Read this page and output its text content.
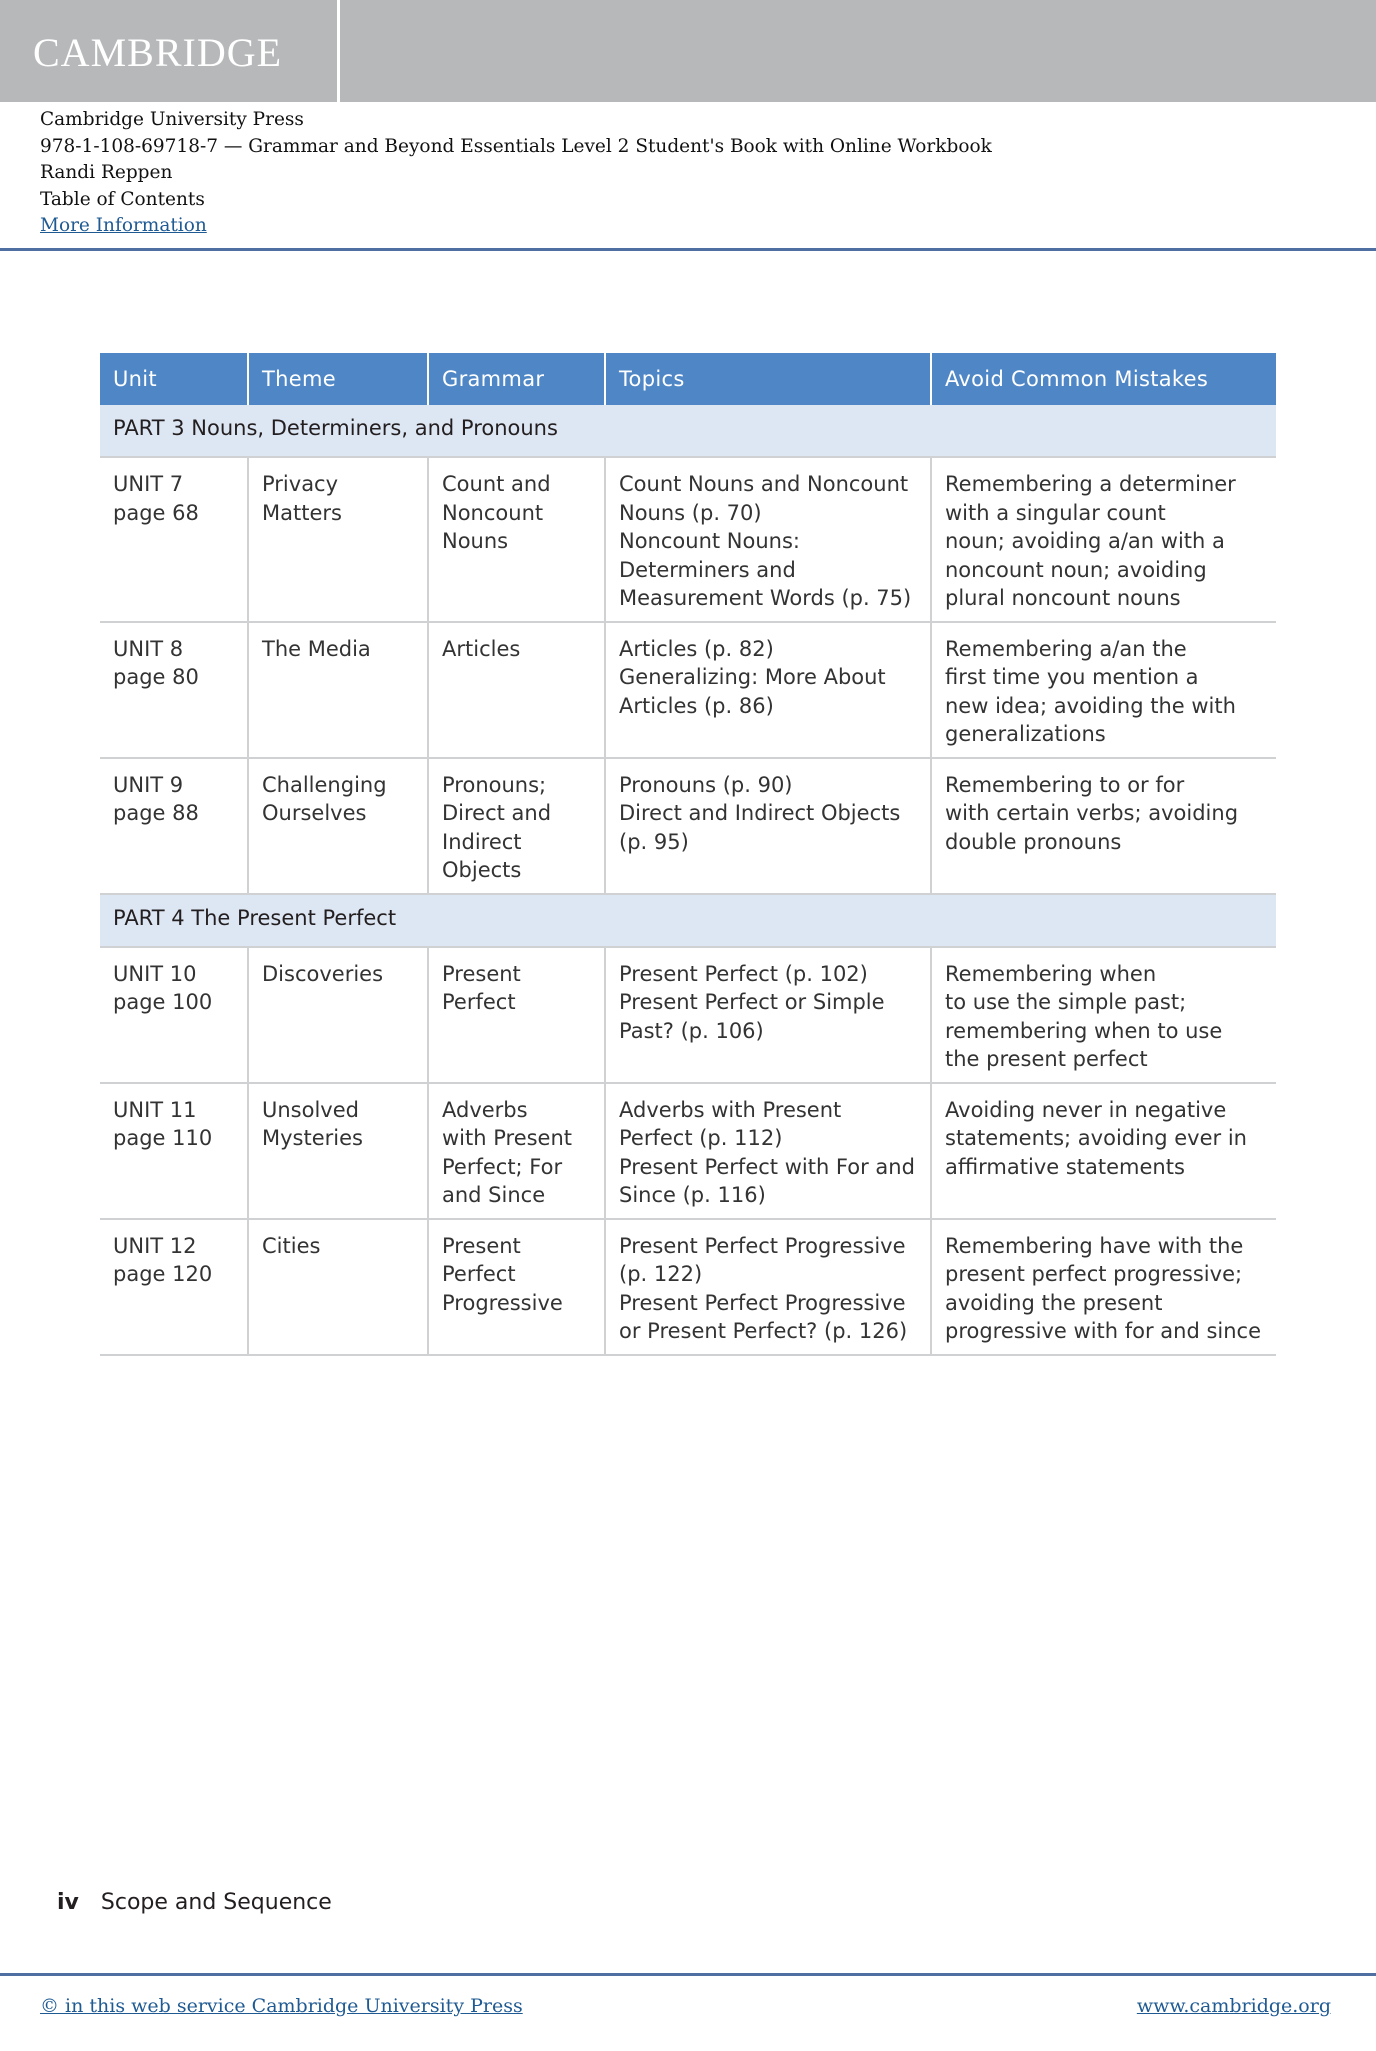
CAMBRIDGE
Cambridge University Press
978-1-108-69718-7 — Grammar and Beyond Essentials Level 2 Student's Book with Online Workbook
Randi Reppen
Table of Contents
More Information
Unit	Theme	Grammar	Topics	Avoid Common Mistakes
PART 3 Nouns, Determiners, and Pronouns				

UNIT 7
page 68	Privacy
Matters	Count and
Noncount
Nouns	Count Nouns and Noncount
Nouns (p. 70)
Noncount Nouns:
Determiners and
Measurement Words (p. 75)	Remembering a determiner
with a singular count
noun; avoiding a/an with a
noncount noun; avoiding
plural noncount nouns

UNIT 8
page 80	The Media	Articles	Articles (p. 82)
Generalizing: More About
Articles (p. 86)	Remembering a/an the
first time you mention a
new idea; avoiding the with
generalizations

UNIT 9
page 88	Challenging
Ourselves	Pronouns;
Direct and
Indirect
Objects	Pronouns (p. 90)
Direct and Indirect Objects
(p. 95)	Remembering to or for
with certain verbs; avoiding
double pronouns

PART 4 The Present Perfect				

UNIT 10
page 100	Discoveries	Present
Perfect	Present Perfect (p. 102)
Present Perfect or Simple
Past? (p. 106)	Remembering when
to use the simple past;
remembering when to use
the present perfect

UNIT 11
page 110	Unsolved
Mysteries	Adverbs
with Present
Perfect; For
and Since	Adverbs with Present
Perfect (p. 112)
Present Perfect with For and
Since (p. 116)	Avoiding never in negative
statements; avoiding ever in
affirmative statements

UNIT 12
page 120	Cities	Present
Perfect
Progressive	Present Perfect Progressive
(p. 122)
Present Perfect Progressive
or Present Perfect? (p. 126)	Remembering have with the
present perfect progressive;
avoiding the present
progressive with for and since
iv Scope and Sequence
© in this web service Cambridge University Press	www.cambridge.org
